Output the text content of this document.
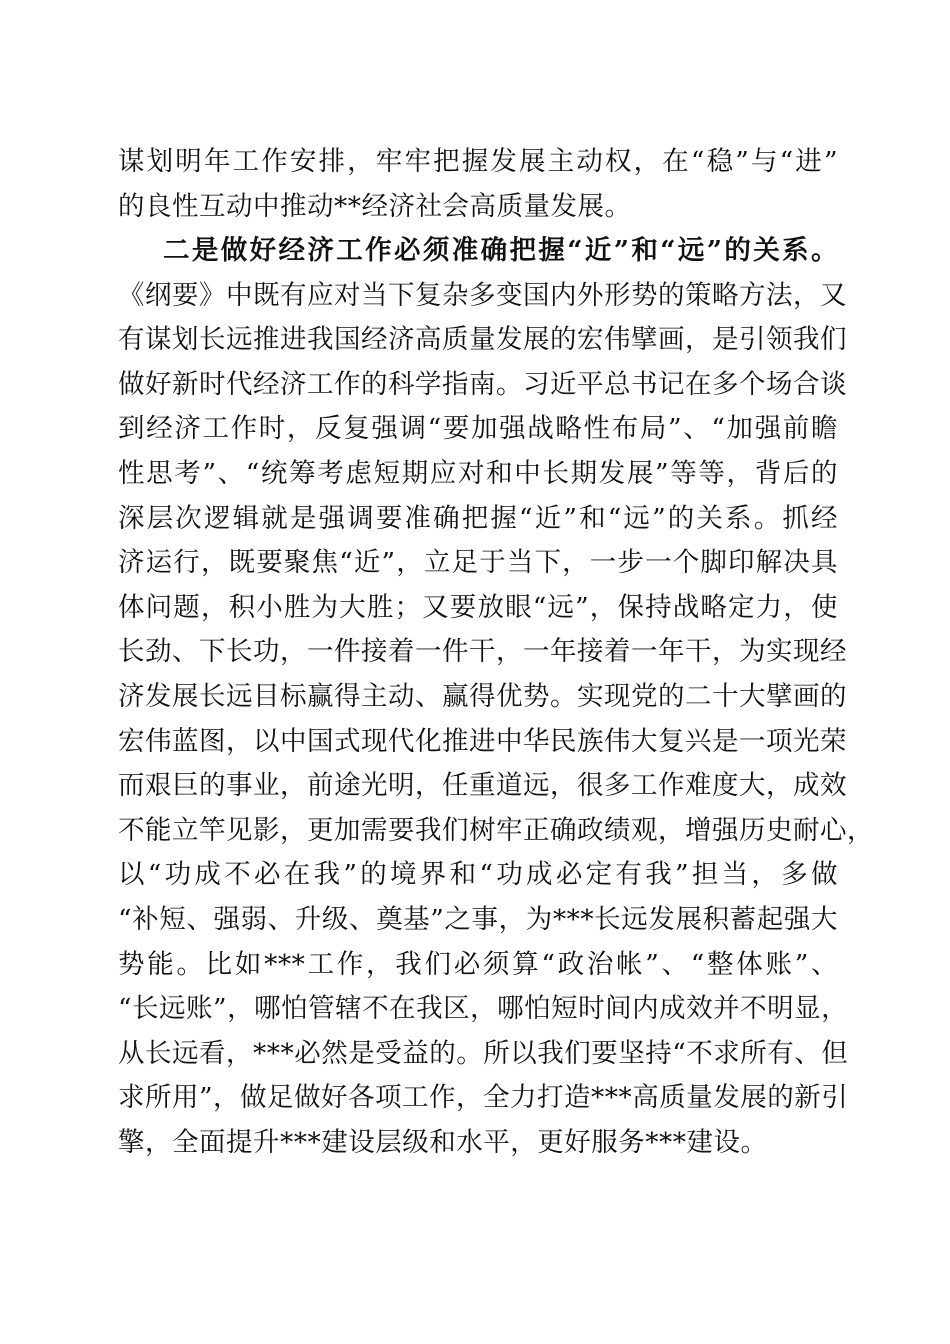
谋划明年工作安排，牢牢把握发展主动权，在“稳”与“进”
的良性互动中推动**经济社会高质量发展。
二是做好经济工作必须准确把握“近”和“远”的关系。
《纲要》中既有应对当下复杂多变国内外形势的策略方法，又
有谋划长远推进我国经济高质量发展的宏伟擘画，是引领我们
做好新时代经济工作的科学指南。习近平总书记在多个场合谈
到经济工作时，反复强调“要加强战略性布局”、“加强前瞻
性思考”、“统筹考虑短期应对和中长期发展”等等，背后的
深层次逻辑就是强调要准确把握“近”和“远”的关系。抓经
济运行，既要聚焦“近”，立足于当下，一步一个脚印解决具
体问题，积小胜为大胜；又要放眼“远”，保持战略定力，使
长劲、下长功，一件接着一件干，一年接着一年干，为实现经
济发展长远目标赢得主动、赢得优势。实现党的二十大擘画的
宏伟蓝图，以中国式现代化推进中华民族伟大复兴是一项光荣
而艰巨的事业，前途光明，任重道远，很多工作难度大，成效
不能立竿见影，更加需要我们树牢正确政绩观，增强历史耐心，
以“功成不必在我”的境界和“功成必定有我”担当，多做
“补短、强弱、升级、奠基”之事，为***长远发展积蓄起强大
势能。比如***工作，我们必须算“政治帐”、“整体账”、
“长远账”，哪怕管辖不在我区，哪怕短时间内成效并不明显，
从长远看，***必然是受益的。所以我们要坚持“不求所有、但
求所用”，做足做好各项工作，全力打造***高质量发展的新引
擎，全面提升***建设层级和水平，更好服务***建设。
